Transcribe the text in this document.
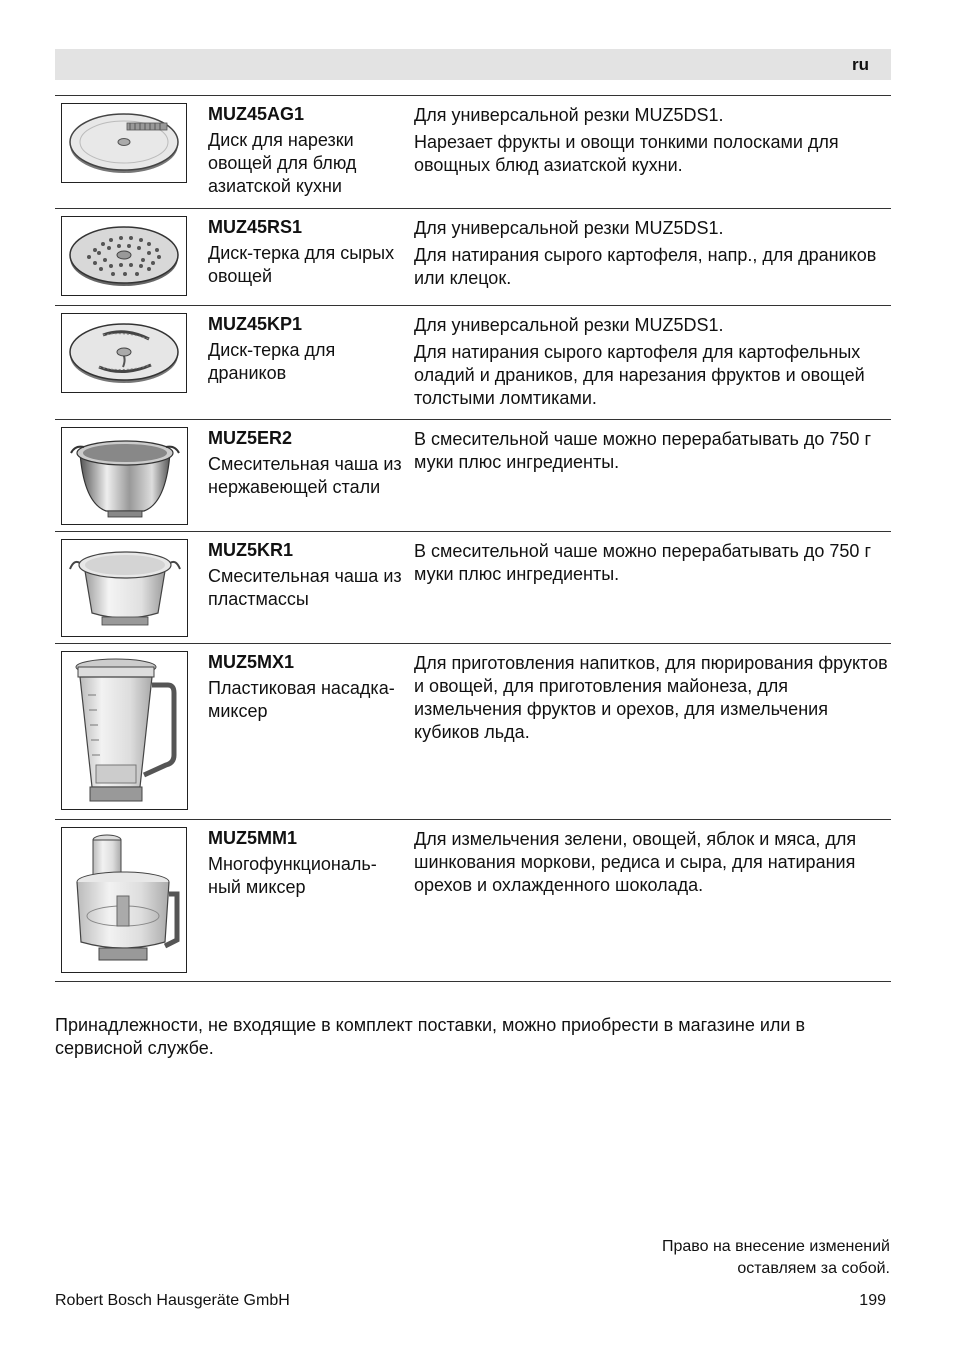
ru
MUZ45AG1
Диск для нарезки овощей для блюд азиатской кухни

Для универсальной резки MUZ5DS1.

Нарезает фрукты и овощи тонкими полосками для овощных блюд азиатской кухни.

MUZ45RS1
Диск-терка для сырых овощей

Для универсальной резки MUZ5DS1.

Для натирания сырого картофеля, напр., для драников или клецок.

MUZ45KP1
Диск-терка для драников

Для универсальной резки MUZ5DS1.

Для натирания сырого картофеля для картофельных оладий и драников, для нарезания фруктов и овощей толстыми ломтиками.

MUZ5ER2
Смесительная чаша из нержавеющей стали

В смесительной чаше можно перерабатывать до 750 г муки плюс ингредиенты.

MUZ5KR1
Смесительная чаша из пластмассы

В смесительной чаше можно перерабатывать до 750 г муки плюс ингредиенты.

MUZ5MX1
Пластиковая насадка-миксер

Для приготовления напитков, для пюрирования фруктов и овощей, для приготовления майонеза, для измельчения фруктов и орехов, для измельчения кубиков льда.

MUZ5MM1
Многофункциональ-ный миксер

Для измельчения зелени, овощей, яблок и мяса, для шинкования моркови, редиса и сыра, для натирания орехов и охлажденного шоколада.

Принадлежности, не входящие в комплект поставки, можно приобрести в магазине или в сервисной службе.
Право на внесение изменений
оставляем за собой.
Robert Bosch Hausgeräte GmbH	199
